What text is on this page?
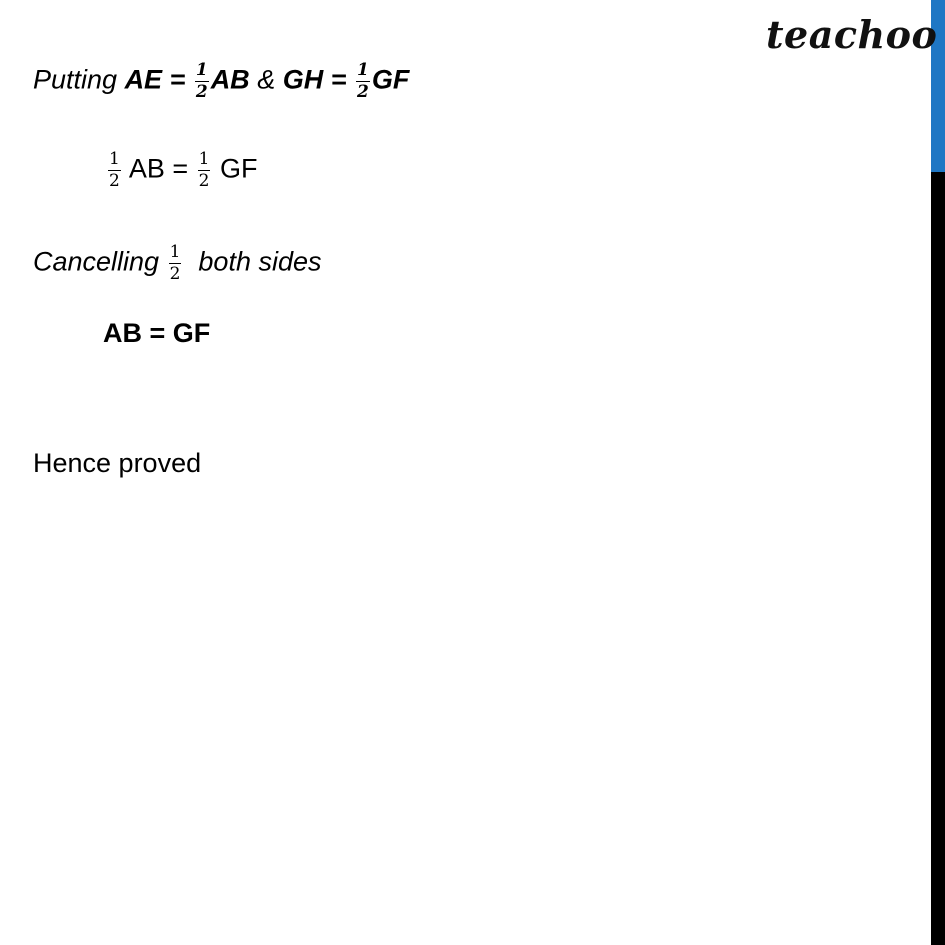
teachoo
Putting AE = $\frac{1}{2}$ AB & GH = $\frac{1}{2}$ GF
$\frac{1}{2}$ AB = $\frac{1}{2}$ GF
Cancelling $\frac{1}{2}$ both sides
AB = GF
Hence proved
